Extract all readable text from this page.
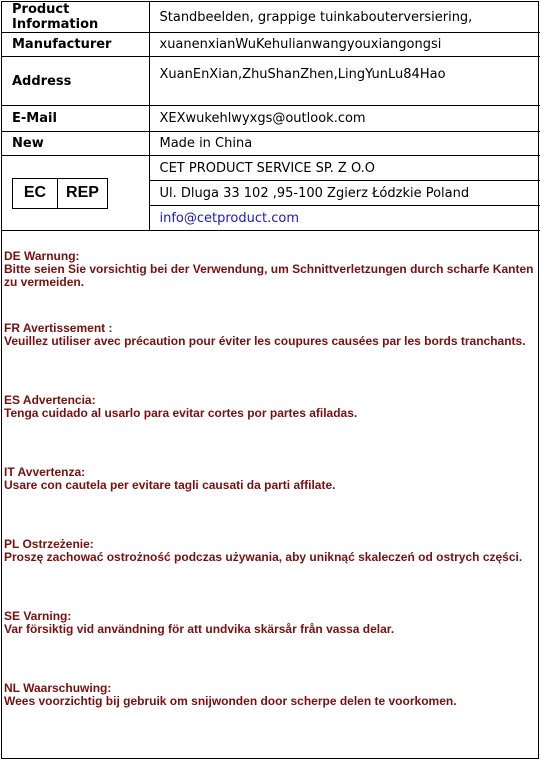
Product Information	Standbeelden, grappige tuinkabouterversiering,
Manufacturer	xuanenxianWuKehulianwangyouxiangongsi
Address	XuanEnXian,ZhuShanZhen,LingYunLu84Hao
E-Mail	XEXwukehlwyxgs@outlook.com
New	Made in China

EC REP	CET PRODUCT SERVICE SP. Z O.O
	Ul. Dluga 33 102 ,95-100 Zgierz Łódzkie Poland
	info@cetproduct.com
DE Warnung:
Bitte seien Sie vorsichtig bei der Verwendung, um Schnittverletzungen durch scharfe Kanten zu vermeiden.
FR Avertissement :
Veuillez utiliser avec précaution pour éviter les coupures causées par les bords tranchants.
ES Advertencia:
Tenga cuidado al usarlo para evitar cortes por partes afiladas.
IT Avvertenza:
Usare con cautela per evitare tagli causati da parti affilate.
PL Ostrzeżenie:
Proszę zachować ostrożność podczas używania, aby uniknąć skaleczeń od ostrych części.
SE Varning:
Var försiktig vid användning för att undvika skärsår från vassa delar.
NL Waarschuwing:
Wees voorzichtig bij gebruik om snijwonden door scherpe delen te voorkomen.
